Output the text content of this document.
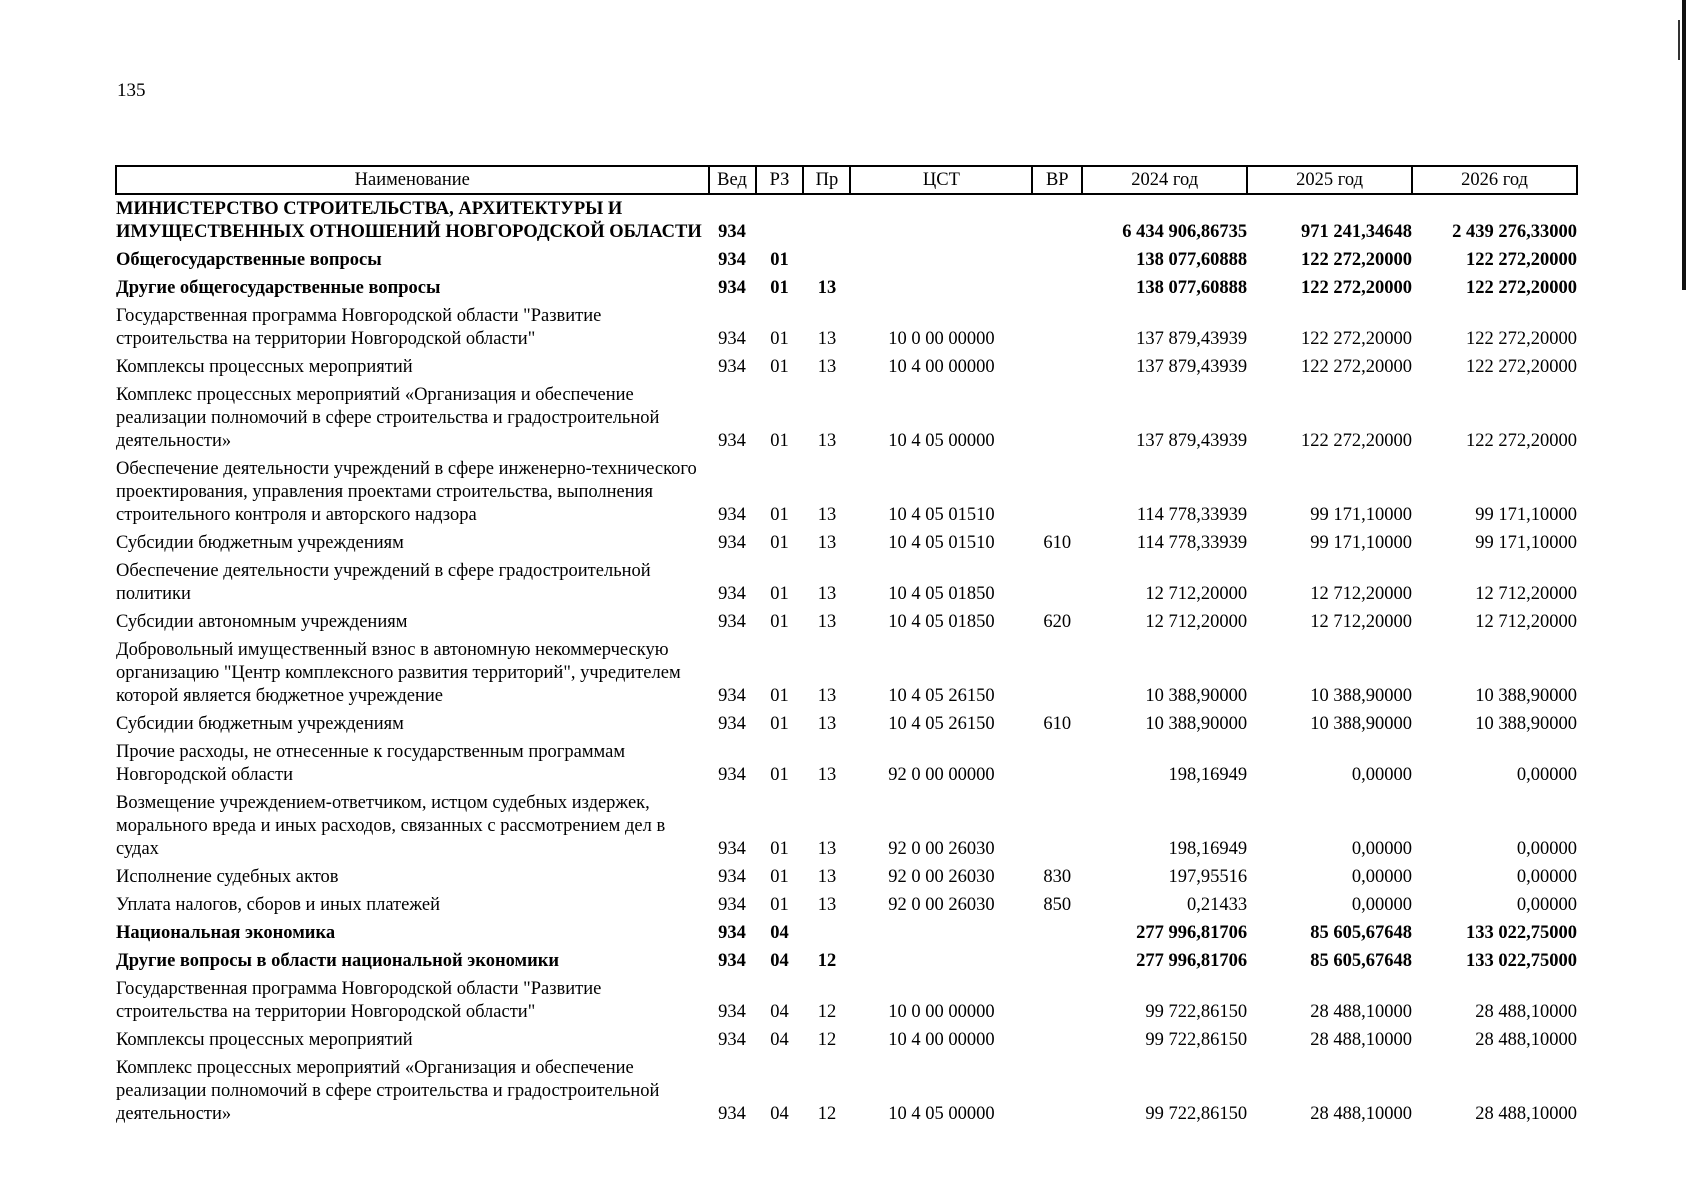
135
Наименование	Вед	РЗ	Пр	ЦСТ	ВР	2024 год	2025 год	2026 год
МИНИСТЕРСТВО СТРОИТЕЛЬСТВА, АРХИТЕКТУРЫ И ИМУЩЕСТВЕННЫХ ОТНОШЕНИЙ НОВГОРОДСКОЙ ОБЛАСТИ	934					6 434 906,86735	971 241,34648	2 439 276,33000
Общегосударственные вопросы	934	01				138 077,60888	122 272,20000	122 272,20000
Другие общегосударственные вопросы	934	01	13			138 077,60888	122 272,20000	122 272,20000
Государственная программа Новгородской области "Развитие строительства на территории Новгородской области"	934	01	13	10 0 00 00000		137 879,43939	122 272,20000	122 272,20000
Комплексы процессных мероприятий	934	01	13	10 4 00 00000		137 879,43939	122 272,20000	122 272,20000
Комплекс процессных мероприятий «Организация и обеспечение реализации полномочий в сфере строительства и градостроительной деятельности»	934	01	13	10 4 05 00000		137 879,43939	122 272,20000	122 272,20000
Обеспечение деятельности учреждений в сфере инженерно-технического проектирования, управления проектами строительства, выполнения строительного контроля и авторского надзора	934	01	13	10 4 05 01510		114 778,33939	99 171,10000	99 171,10000
Субсидии бюджетным учреждениям	934	01	13	10 4 05 01510	610	114 778,33939	99 171,10000	99 171,10000
Обеспечение деятельности учреждений в сфере градостроительной политики	934	01	13	10 4 05 01850		12 712,20000	12 712,20000	12 712,20000
Субсидии автономным учреждениям	934	01	13	10 4 05 01850	620	12 712,20000	12 712,20000	12 712,20000
Добровольный имущественный взнос в автономную некоммерческую организацию "Центр комплексного развития территорий", учредителем которой является бюджетное учреждение	934	01	13	10 4 05 26150		10 388,90000	10 388,90000	10 388,90000
Субсидии бюджетным учреждениям	934	01	13	10 4 05 26150	610	10 388,90000	10 388,90000	10 388,90000
Прочие расходы, не отнесенные к государственным программам Новгородской области	934	01	13	92 0 00 00000		198,16949	0,00000	0,00000
Возмещение учреждением-ответчиком, истцом судебных издержек, морального вреда и иных расходов, связанных с рассмотрением дел в судах	934	01	13	92 0 00 26030		198,16949	0,00000	0,00000
Исполнение судебных актов	934	01	13	92 0 00 26030	830	197,95516	0,00000	0,00000
Уплата налогов, сборов и иных платежей	934	01	13	92 0 00 26030	850	0,21433	0,00000	0,00000
Национальная экономика	934	04				277 996,81706	85 605,67648	133 022,75000
Другие вопросы в области национальной экономики	934	04	12			277 996,81706	85 605,67648	133 022,75000
Государственная программа Новгородской области "Развитие строительства на территории Новгородской области"	934	04	12	10 0 00 00000		99 722,86150	28 488,10000	28 488,10000
Комплексы процессных мероприятий	934	04	12	10 4 00 00000		99 722,86150	28 488,10000	28 488,10000
Комплекс процессных мероприятий «Организация и обеспечение реализации полномочий в сфере строительства и градостроительной деятельности»	934	04	12	10 4 05 00000		99 722,86150	28 488,10000	28 488,10000
